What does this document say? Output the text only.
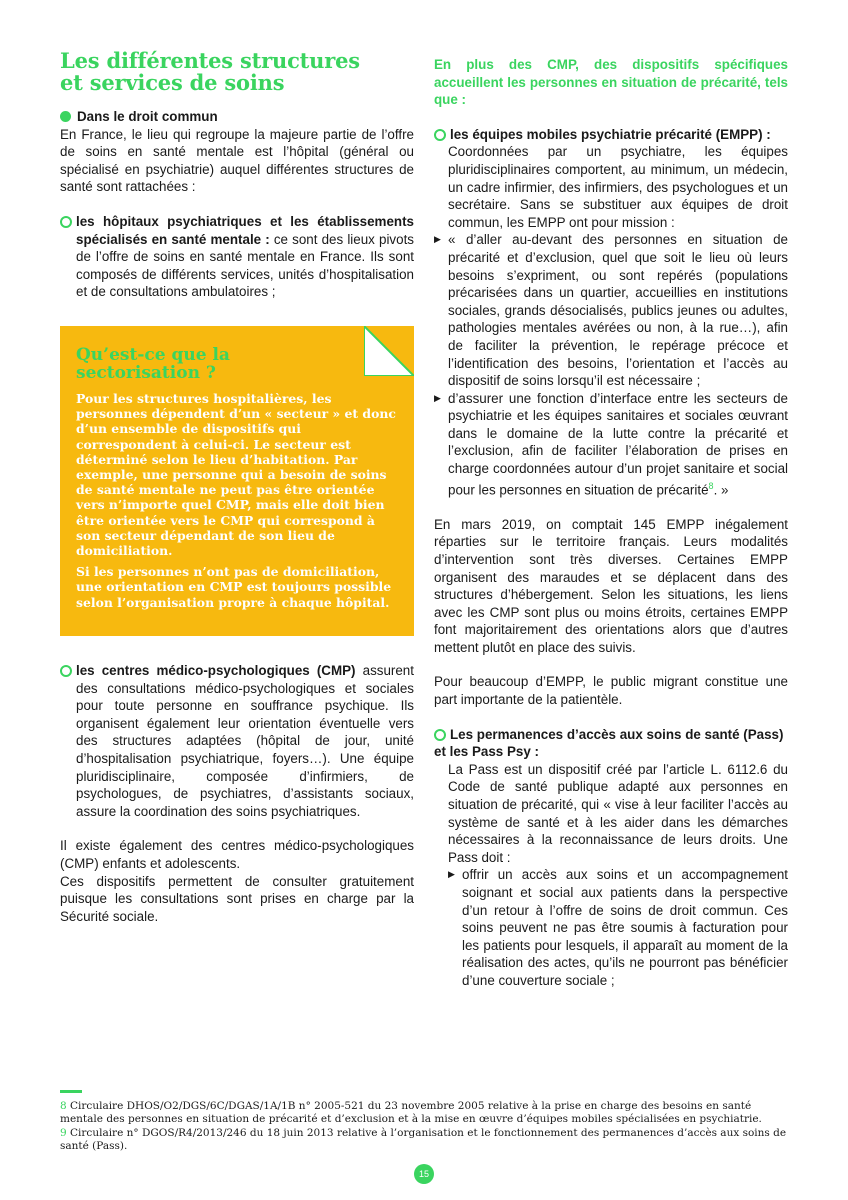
Les différentes structures
et services de soins
Dans le droit commun

En France, le lieu qui regroupe la majeure partie de l’offre de soins en santé mentale est l’hôpital (général ou spécialisé en psychiatrie) auquel différentes structures de santé sont rattachées :

les hôpitaux psychiatriques et les établissements spécialisés en santé mentale : ce sont des lieux pivots de l’offre de soins en santé mentale en France. Ils sont composés de différents services, unités d’hospitalisation et de consultations ambulatoires ;

Qu’est-ce que la sectorisation ?

Pour les structures hospitalières, les personnes dépendent d’un « secteur » et donc d’un ensemble de dispositifs qui correspondent à celui-ci. Le secteur est déterminé selon le lieu d’habitation. Par exemple, une personne qui a besoin de soins de santé mentale ne peut pas être orientée vers n’importe quel CMP, mais elle doit bien être orientée vers le CMP qui correspond à son secteur dépendant de son lieu de domiciliation.

Si les personnes n’ont pas de domiciliation, une orientation en CMP est toujours possible selon l’organisation propre à chaque hôpital.

les centres médico-psychologiques (CMP) assurent des consultations médico-psychologiques et sociales pour toute personne en souffrance psychique. Ils organisent également leur orientation éventuelle vers des structures adaptées (hôpital de jour, unité d’hospitalisation psychiatrique, foyers…). Une équipe pluridisciplinaire, composée d’infirmiers, de psychologues, de psychiatres, d’assistants sociaux, assure la coordination des soins psychiatriques.

Il existe également des centres médico-psychologiques (CMP) enfants et adolescents.

Ces dispositifs permettent de consulter gratuitement puisque les consultations sont prises en charge par la Sécurité sociale.

En plus des CMP, des dispositifs spécifiques accueillent les personnes en situation de précarité, tels que :

les équipes mobiles psychiatrie précarité (EMPP) :

Coordonnées par un psychiatre, les équipes pluridisciplinaires comportent, au minimum, un médecin, un cadre infirmier, des infirmiers, des psychologues et un secrétaire. Sans se substituer aux équipes de droit commun, les EMPP ont pour mission :
▶ « d’aller au-devant des personnes en situation de précarité et d’exclusion, quel que soit le lieu où leurs besoins s’expriment, ou sont repérés (populations précarisées dans un quartier, accueillies en institutions sociales, grands désocialisés, publics jeunes ou adultes, pathologies mentales avérées ou non, à la rue…), afin de faciliter la prévention, le repérage précoce et l’identification des besoins, l’orientation et l’accès au dispositif de soins lorsqu’il est nécessaire ;
▶ d’assurer une fonction d’interface entre les secteurs de psychiatrie et les équipes sanitaires et sociales œuvrant dans le domaine de la lutte contre la précarité et l’exclusion, afin de faciliter l’élaboration de prises en charge coordonnées autour d’un projet sanitaire et social pour les personnes en situation de précarité$^8$. »

En mars 2019, on comptait 145 EMPP inégalement réparties sur le territoire français. Leurs modalités d’intervention sont très diverses. Certaines EMPP organisent des maraudes et se déplacent dans des structures d’hébergement. Selon les situations, les liens avec les CMP sont plus ou moins étroits, certaines EMPP font majoritairement des orientations alors que d’autres mettent plutôt en place des suivis.

Pour beaucoup d’EMPP, le public migrant constitue une part importante de la patientèle.

Les permanences d’accès aux soins de santé (Pass)

et les Pass Psy :

La Pass est un dispositif créé par l’article L. 6112.6 du Code de santé publique adapté aux personnes en situation de précarité, qui « vise à leur faciliter l’accès au système de santé et à les aider dans les démarches nécessaires à la reconnaissance de leurs droits. Une Pass doit :
▶ offrir un accès aux soins et un accompagnement soignant et social aux patients dans la perspective d’un retour à l’offre de soins de droit commun. Ces soins peuvent ne pas être soumis à facturation pour les patients pour lesquels, il apparaît au moment de la réalisation des actes, qu’ils ne pourront pas bénéficier d’une couverture sociale ;
8 Circulaire DHOS/O2/DGS/6C/DGAS/1A/1B n° 2005-521 du 23 novembre 2005 relative à la prise en charge des besoins en santé mentale des personnes en situation de précarité et d’exclusion et à la mise en œuvre d’équipes mobiles spécialisées en psychiatrie.
9 Circulaire n° DGOS/R4/2013/246 du 18 juin 2013 relative à l’organisation et le fonctionnement des permanences d’accès aux soins de santé (Pass).
15
